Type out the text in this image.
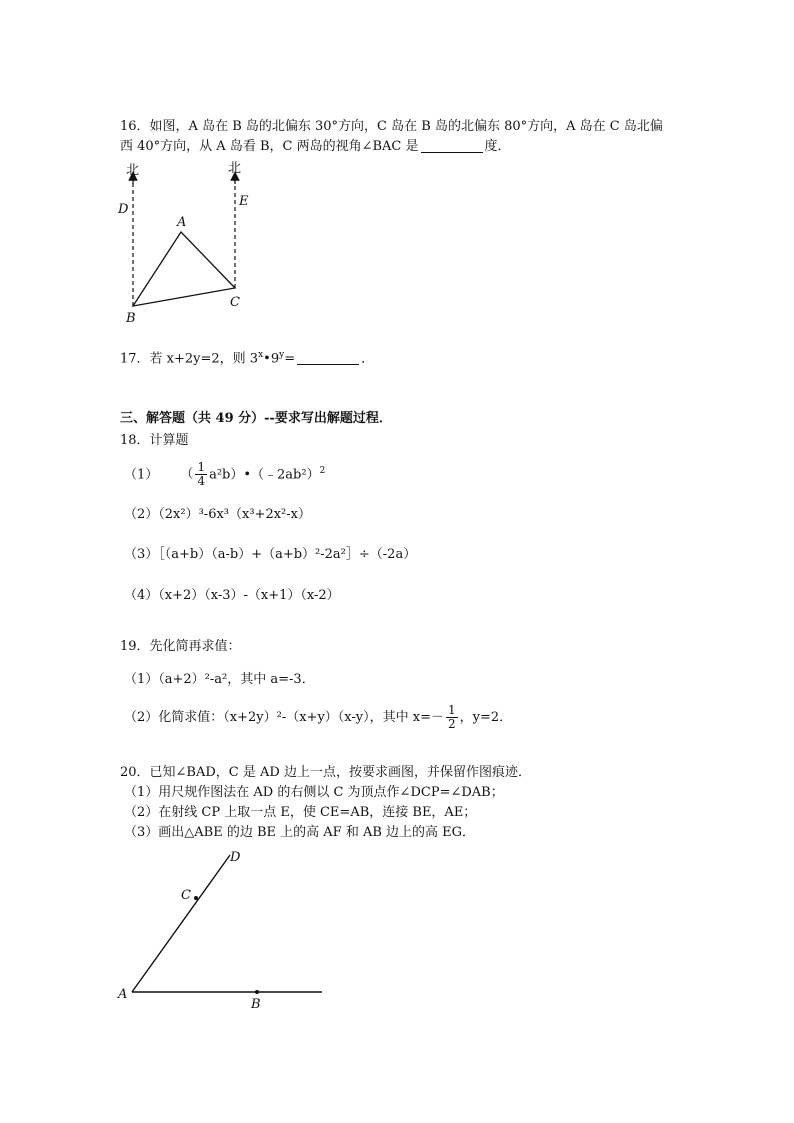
16．如图，A 岛在 B 岛的北偏东 30°方向，C 岛在 B 岛的北偏东 80°方向，A 岛在 C 岛北偏
西 40°方向，从 A 岛看 B，C 两岛的视角∠BAC 是	度．
北	北
D
E
A
B
C
17．若 x+2y=2，则 $3^x•9^y=$	．
三、解答题（共 49 分）--要求写出解题过程．
18．计算题
（1） （ $\frac{1}{4}$ a²b）•（﹣2ab²）$^2$
（2）（2x²）³-6x³（x³+2x²-x）
（3）［（a+b）（a-b）+（a+b）²-2a²］÷（-2a）
（4）（x+2）（x-3）-（x+1）（x-2）
19．先化简再求值：
（1）（a+2）²-a²，其中 a=-3．
（2）化简求值：（x+2y）²-（x+y）（x-y），其中 $x=- \frac{1}{2}$ ，y=2．
20．已知∠BAD，C 是 AD 边上一点，按要求画图，并保留作图痕迹．
（1）用尺规作图法在 AD 的右侧以 C 为顶点作∠DCP=∠DAB；
（2）在射线 CP 上取一点 E，使 CE=AB，连接 BE，AE；
（3）画出△ABE 的边 BE 上的高 AF 和 AB 边上的高 EG．
A
B
C
D
